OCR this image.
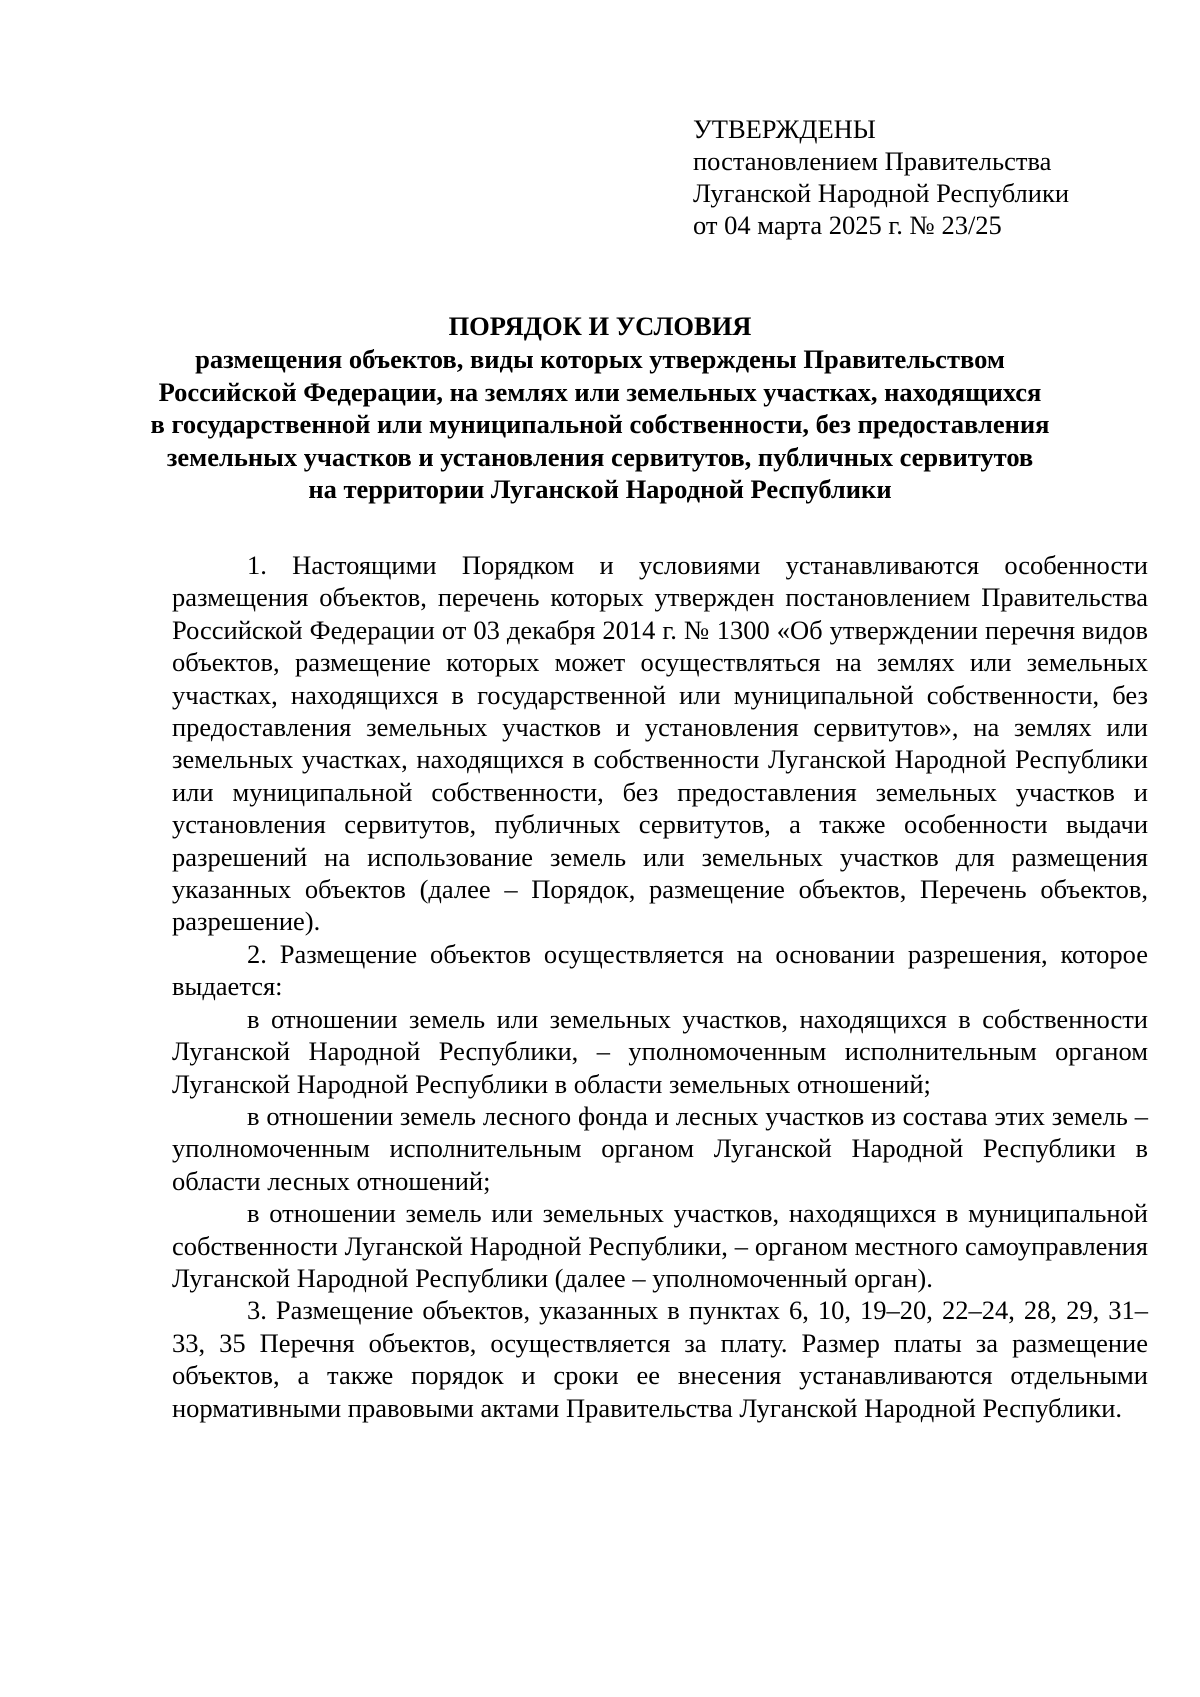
УТВЕРЖДЕНЫ
постановлением Правительства
Луганской Народной Республики
от 04 марта 2025 г. № 23/25
ПОРЯДОК И УСЛОВИЯ
размещения объектов, виды которых утверждены Правительством
Российской Федерации, на землях или земельных участках, находящихся
в государственной или муниципальной собственности, без предоставления
земельных участков и установления сервитутов, публичных сервитутов
на территории Луганской Народной Республики

1. Настоящими Порядком и условиями устанавливаются особенности размещения объектов, перечень которых утвержден постановлением Правительства Российской Федерации от 03 декабря 2014 г. № 1300 «Об утверждении перечня видов объектов, размещение которых может осуществляться на землях или земельных участках, находящихся в государственной или муниципальной собственности, без предоставления земельных участков и установления сервитутов», на землях или земельных участках, находящихся в собственности Луганской Народной Республики или муниципальной собственности, без предоставления земельных участков и установления сервитутов, публичных сервитутов, а также особенности выдачи разрешений на использование земель или земельных участков для размещения указанных объектов (далее – Порядок, размещение объектов, Перечень объектов, разрешение).

2. Размещение объектов осуществляется на основании разрешения, которое выдается:

в отношении земель или земельных участков, находящихся в собственности Луганской Народной Республики, – уполномоченным исполнительным органом Луганской Народной Республики в области земельных отношений;

в отношении земель лесного фонда и лесных участков из состава этих земель – уполномоченным исполнительным органом Луганской Народной Республики в области лесных отношений;

в отношении земель или земельных участков, находящихся в муниципальной собственности Луганской Народной Республики, – органом местного самоуправления Луганской Народной Республики (далее – уполномоченный орган).

3. Размещение объектов, указанных в пунктах 6, 10, 19–20, 22–24, 28, 29, 31–33, 35 Перечня объектов, осуществляется за плату. Размер платы за размещение объектов, а также порядок и сроки ее внесения устанавливаются отдельными нормативными правовыми актами Правительства Луганской Народной Республики.
